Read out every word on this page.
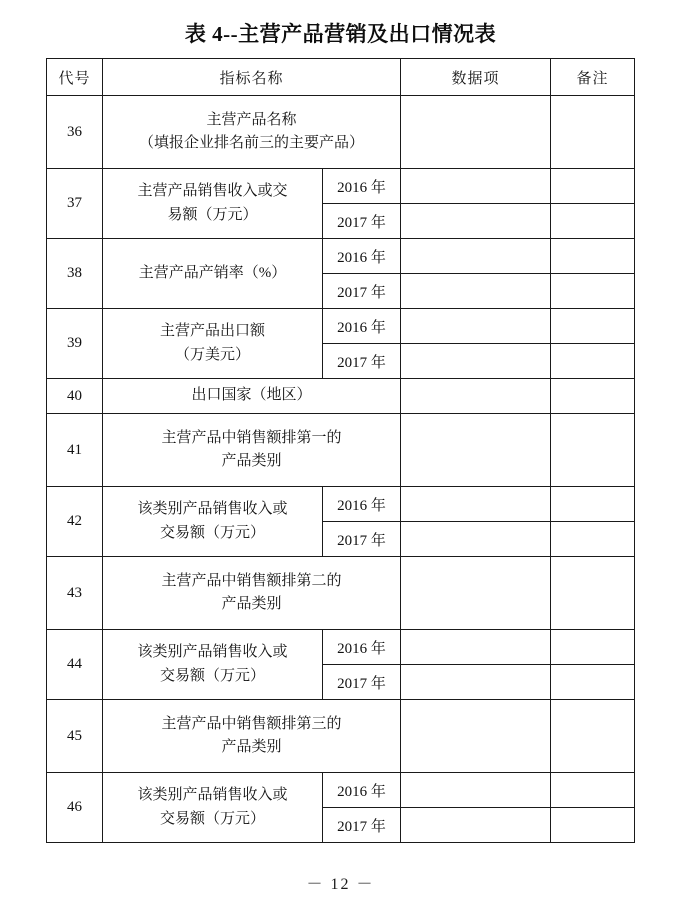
表 4--主营产品营销及出口情况表
代号	指标名称		数据项	备注
36	主营产品名称
（填报企业排名前三的主要产品）			

37	主营产品销售收入或交
易额（万元）	2016 年		
		2017 年		
38	主营产品产销率（%）	2016 年		
		2017 年		
39	主营产品出口额
（万美元）	2016 年		
		2017 年		
40	出口国家（地区）			

41	主营产品中销售额排第一的
产品类别			

42	该类别产品销售收入或
交易额（万元）	2016 年		
		2017 年		
43	主营产品中销售额排第二的
产品类别			

44	该类别产品销售收入或
交易额（万元）	2016 年		
		2017 年		
45	主营产品中销售额排第三的
产品类别			

46	该类别产品销售收入或
交易额（万元）	2016 年		
		2017 年		
－ 12 －
